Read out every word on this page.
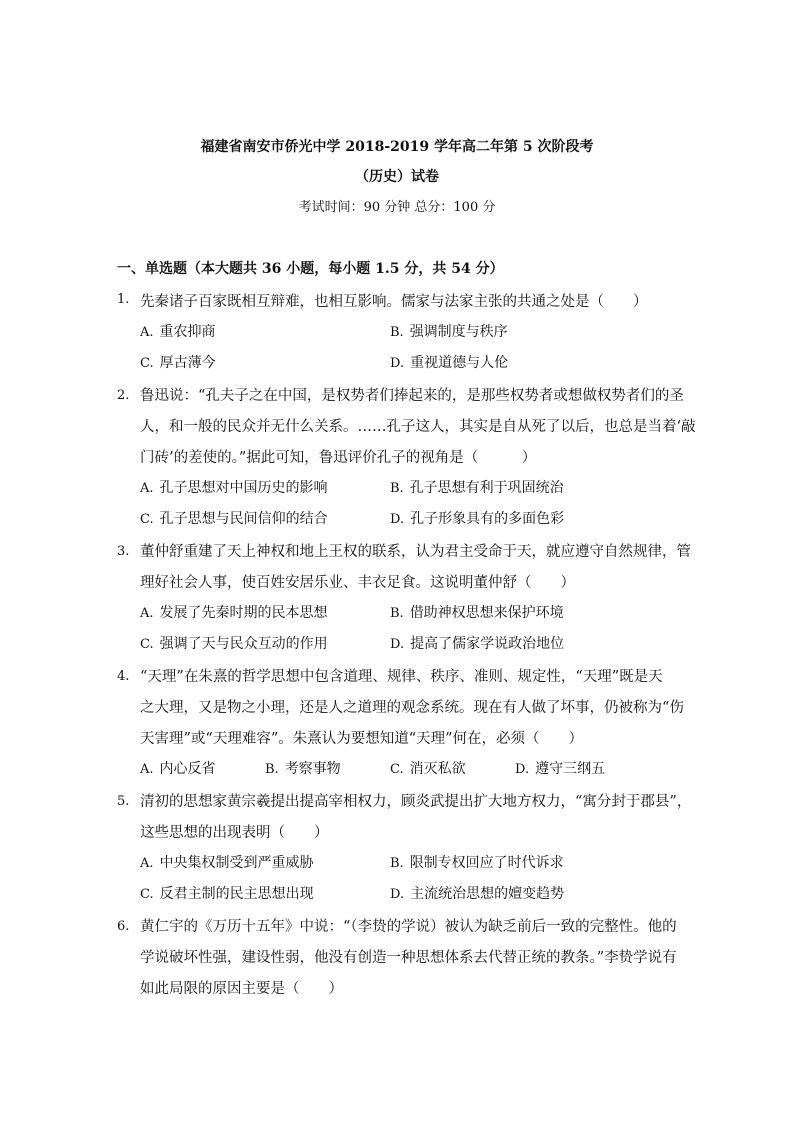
福建省南安市侨光中学 2018-2019 学年高二年第 5 次阶段考
（历史）试卷
考试时间：90 分钟 总分：100 分
一、单选题（本大题共 36 小题，每小题 1.5 分，共 54 分）
1. 先秦诸子百家既相互辩难，也相互影响。儒家与法家主张的共通之处是（　　）
A. 重农抑商	B. 强调制度与秩序
C. 厚古薄今	D. 重视道德与人伦
2. 鲁迅说：“孔夫子之在中国，是权势者们捧起来的，是那些权势者或想做权势者们的圣
人，和一般的民众并无什么关系。……孔子这人，其实是自从死了以后，也总是当着‘敲
门砖’的差使的。”据此可知，鲁迅评价孔子的视角是（　　　）
A. 孔子思想对中国历史的影响	B. 孔子思想有利于巩固统治
C. 孔子思想与民间信仰的结合	D. 孔子形象具有的多面色彩
3. 董仲舒重建了天上神权和地上王权的联系，认为君主受命于天，就应遵守自然规律，管
理好社会人事，使百姓安居乐业、丰衣足食。这说明董仲舒（　　）
A. 发展了先秦时期的民本思想	B. 借助神权思想来保护环境
C. 强调了天与民众互动的作用	D. 提高了儒家学说政治地位
4. “天理”在朱熹的哲学思想中包含道理、规律、秩序、准则、规定性，“天理”既是天
之大理，又是物之小理，还是人之道理的观念系统。现在有人做了坏事，仍被称为“伤
天害理”或“天理难容”。朱熹认为要想知道“天理”何在，必须（　　）
A. 内心反省	B. 考察事物	C. 消灭私欲	D. 遵守三纲五
5. 清初的思想家黄宗羲提出提高宰相权力，顾炎武提出扩大地方权力，“寓分封于郡县”，
这些思想的出现表明（　　）
A. 中央集权制受到严重威胁	B. 限制专权回应了时代诉求
C. 反君主制的民主思想出现	D. 主流统治思想的嬗变趋势
6. 黄仁宇的《万历十五年》中说：“（李贽的学说）被认为缺乏前后一致的完整性。他的
学说破坏性强，建设性弱，他没有创造一种思想体系去代替正统的教条。”李贽学说有
如此局限的原因主要是（　　）
